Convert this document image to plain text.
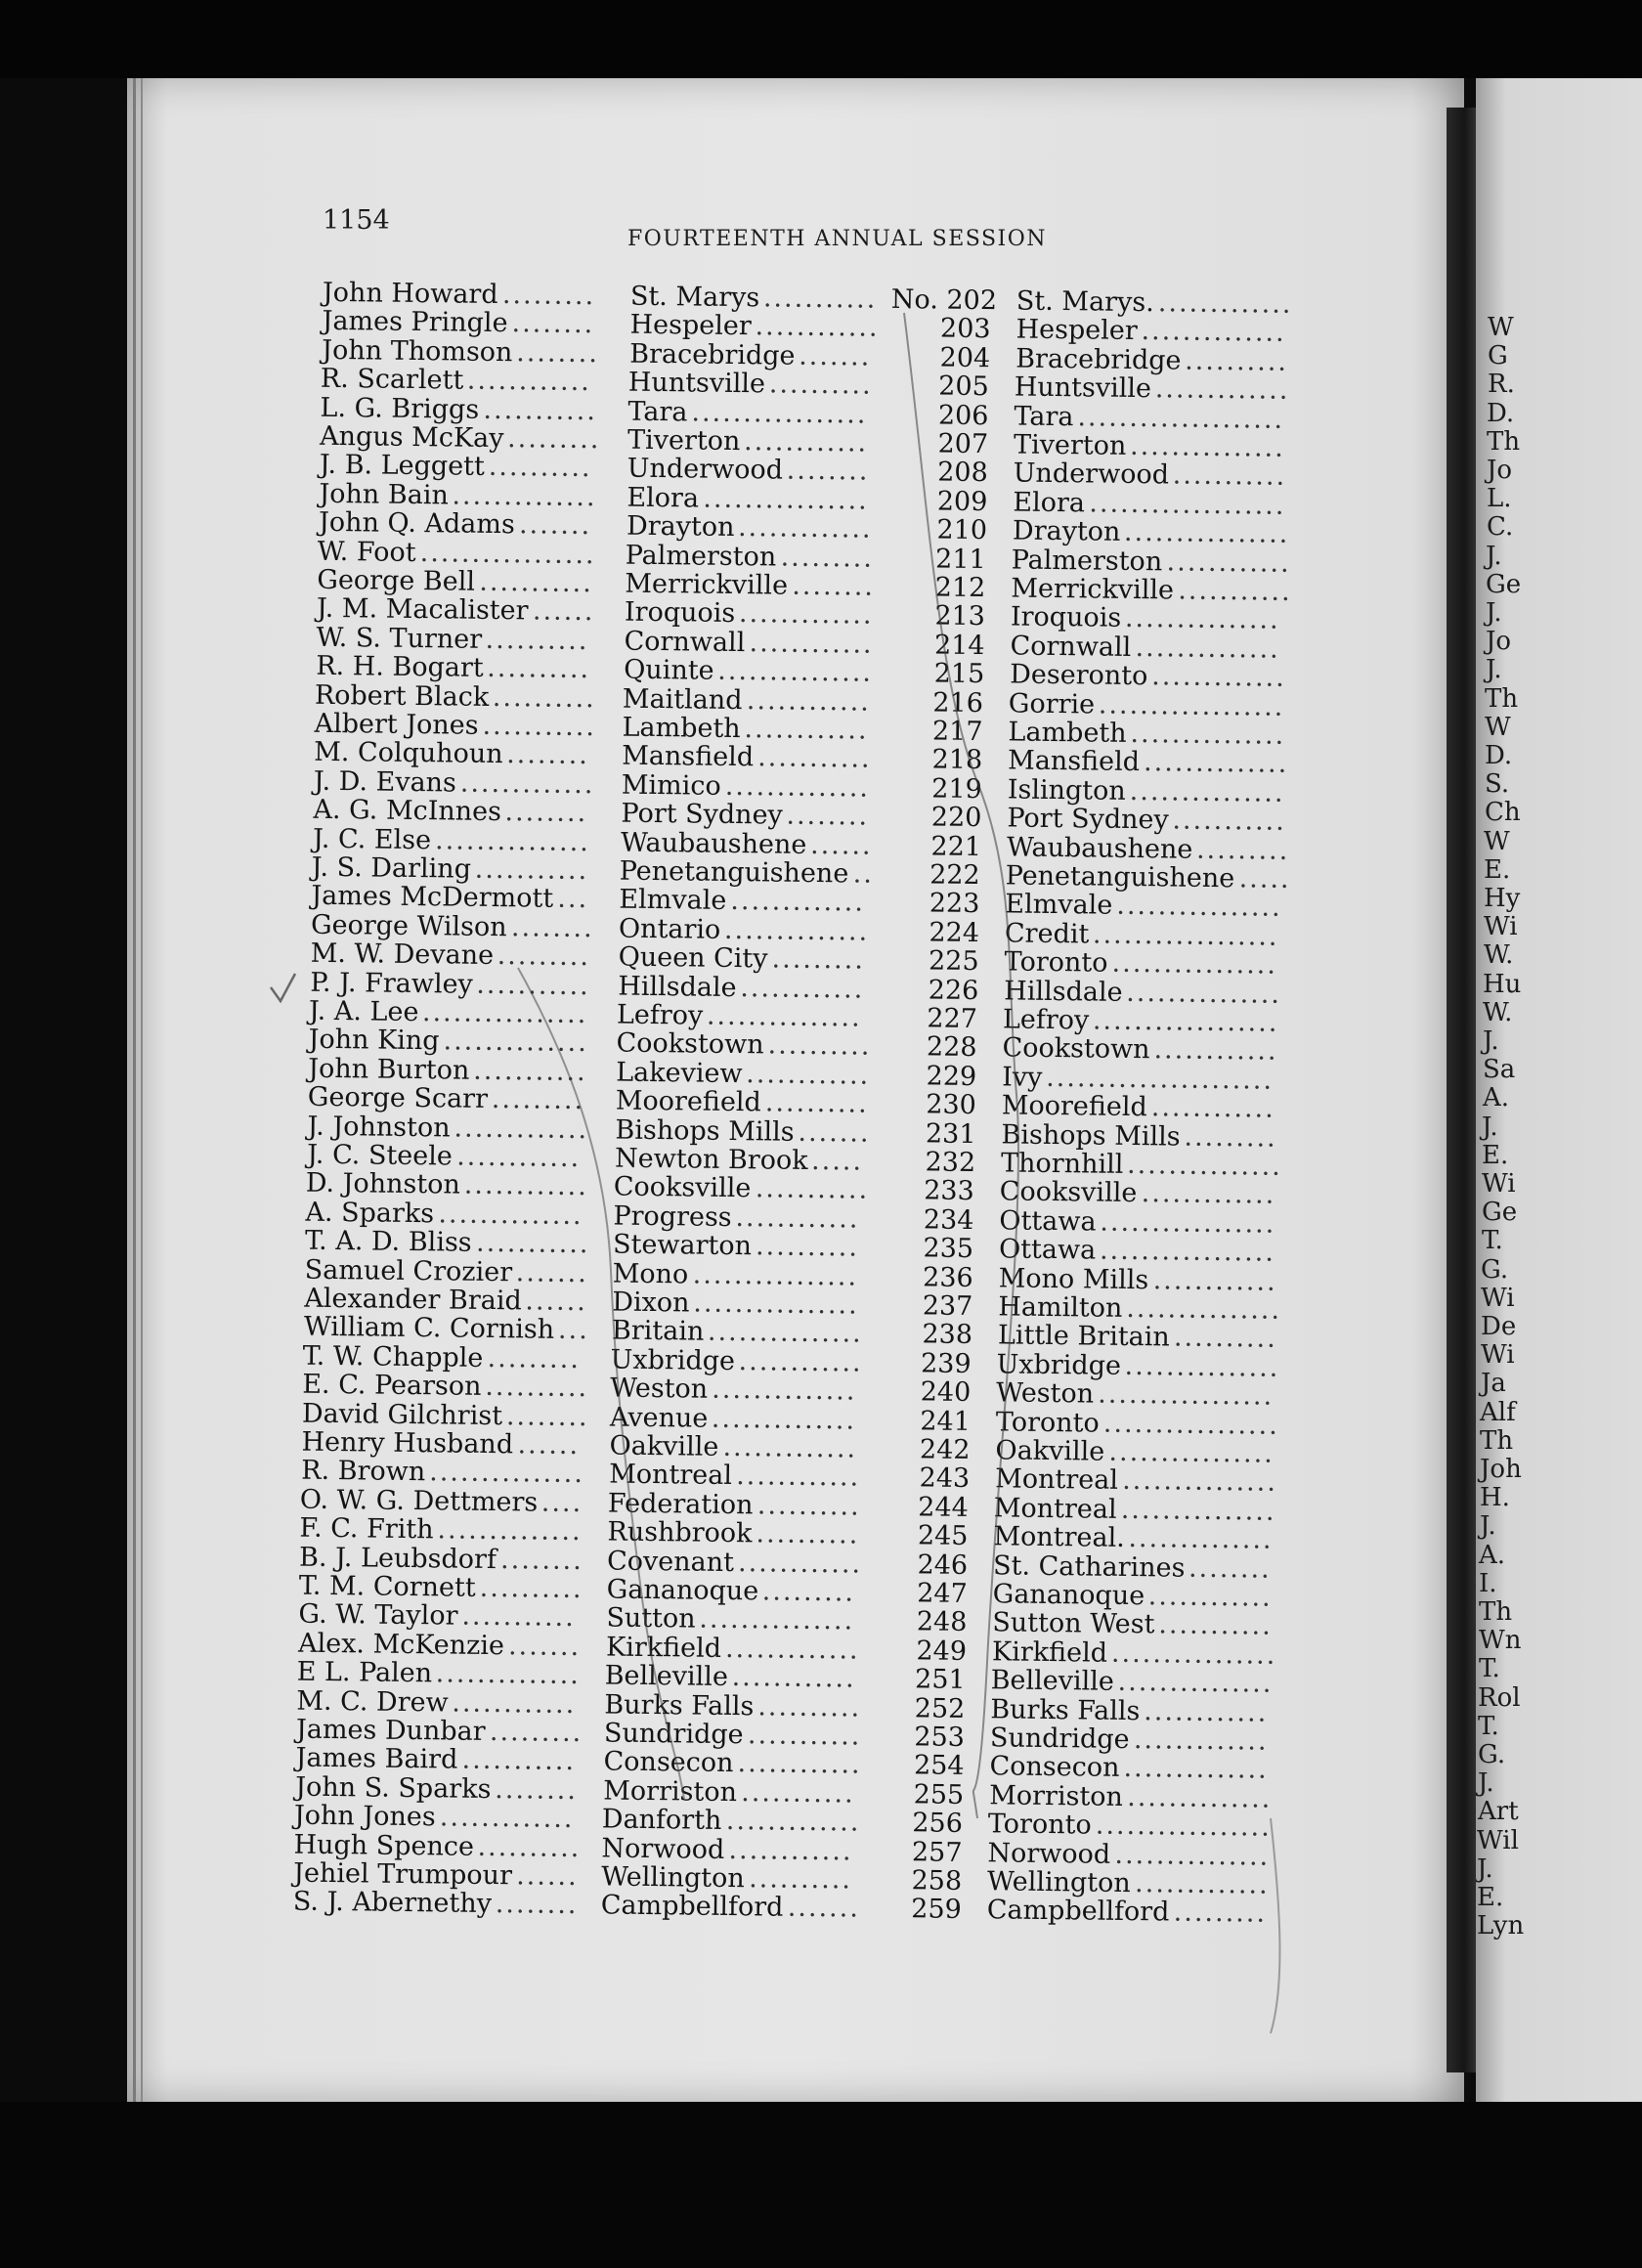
W
G
R.
D.
Th
Jo
L.
C.
J.
Ge
J.
Jo
J.
Th
W
D.
S.
Ch
W
E.
Hy
Wi
W.
Hu
W.
J.
Sa
A.
J.
E.
Wi
Ge
T.
G.
Wi
De
Wi
Ja
Alf
Th
Joh
H.
J.
A.
I.
Th
Wn
T.
Rol
T.
G.
J.
Art
Wil
J.
E.
Lyn
1154
FOURTEENTH ANNUAL SESSION
John Howard ......... St. Marys ........... No. 202 St. Marys. .............
James Pringle ........ Hespeler ............	203 Hespeler ..............
John Thomson ........ Bracebridge .......	204 Bracebridge ..........
R. Scarlett ............ Huntsville ..........	205 Huntsville .............
L. G. Briggs ........... Tara .................	206 Tara ....................
Angus McKay ......... Tiverton ............	207 Tiverton ...............
J. B. Leggett .......... Underwood ........	208 Underwood ...........
John Bain .............. Elora ................	209 Elora ...................
John Q. Adams ....... Drayton .............	210 Drayton ................
W. Foot ................. Palmerston .........	211 Palmerston ............
George Bell ........... Merrickville ........	212 Merrickville ...........
J. M. Macalister ...... Iroquois .............	213 Iroquois ...............
W. S. Turner .......... Cornwall ............	214 Cornwall ..............
R. H. Bogart .......... Quinte ...............	215 Deseronto .............
Robert Black .......... Maitland ............	216 Gorrie ..................
Albert Jones ........... Lambeth ............	217 Lambeth ...............
M. Colquhoun ........ Mansfield ...........	218 Mansfield ..............
J. D. Evans ............. Mimico ..............	219 Islington ...............
A. G. McInnes ........ Port Sydney ........	220 Port Sydney ...........
J. C. Else ............... Waubaushene ......	221 Waubaushene .........
J. S. Darling ........... Penetanguishene ..	222 Penetanguishene .....
James McDermott ... Elmvale .............	223 Elmvale ................
George Wilson ........ Ontario ..............	224 Credit ..................
M. W. Devane ......... Queen City .........	225 Toronto ................
P. J. Frawley ........... Hillsdale ............	226 Hillsdale ...............
J. A. Lee ................ Lefroy ...............	227 Lefroy ..................
John King .............. Cookstown ..........	228 Cookstown ............
John Burton ........... Lakeview ............	229 Ivy ......................
George Scarr ......... Moorefield ..........	230 Moorefield ............
J. Johnston ............. Bishops Mills .......	231 Bishops Mills .........
J. C. Steele ............ Newton Brook .....	232 Thornhill ...............
D. Johnston ............ Cooksville ...........	233 Cooksville .............
A. Sparks .............. Progress ............	234 Ottawa .................
T. A. D. Bliss ........... Stewarton ..........	235 Ottawa .................
Samuel Crozier ....... Mono ................	236 Mono Mills ............
Alexander Braid ...... Dixon ................	237 Hamilton ...............
William C. Cornish ... Britain ...............	238 Little Britain ..........
T. W. Chapple ......... Uxbridge ............	239 Uxbridge ...............
E. C. Pearson .......... Weston ..............	240 Weston .................
David Gilchrist ........ Avenue ..............	241 Toronto .................
Henry Husband ...... Oakville .............	242 Oakville ................
R. Brown ............... Montreal ............	243 Montreal ...............
O. W. G. Dettmers .... Federation ..........	244 Montreal ...............
F. C. Frith .............. Rushbrook ..........	245 Montreal. ..............
B. J. Leubsdorf ........ Covenant ............	246 St. Catharines ........
T. M. Cornett .......... Gananoque .........	247 Gananoque ............
G. W. Taylor ........... Sutton ...............	248 Sutton West ...........
Alex. McKenzie ....... Kirkfield .............	249 Kirkfield ................
E L. Palen .............. Belleville ............	251 Belleville ...............
M. C. Drew ............ Burks Falls ..........	252 Burks Falls ............
James Dunbar ......... Sundridge ...........	253 Sundridge .............
James Baird ........... Consecon ............	254 Consecon ..............
John S. Sparks ........ Morriston ...........	255 Morriston ..............
John Jones ............. Danforth .............	256 Toronto .................
Hugh Spence .......... Norwood ............	257 Norwood ...............
Jehiel Trumpour ...... Wellington ..........	258 Wellington .............
S. J. Abernethy ........ Campbellford .......	259 Campbellford .........
